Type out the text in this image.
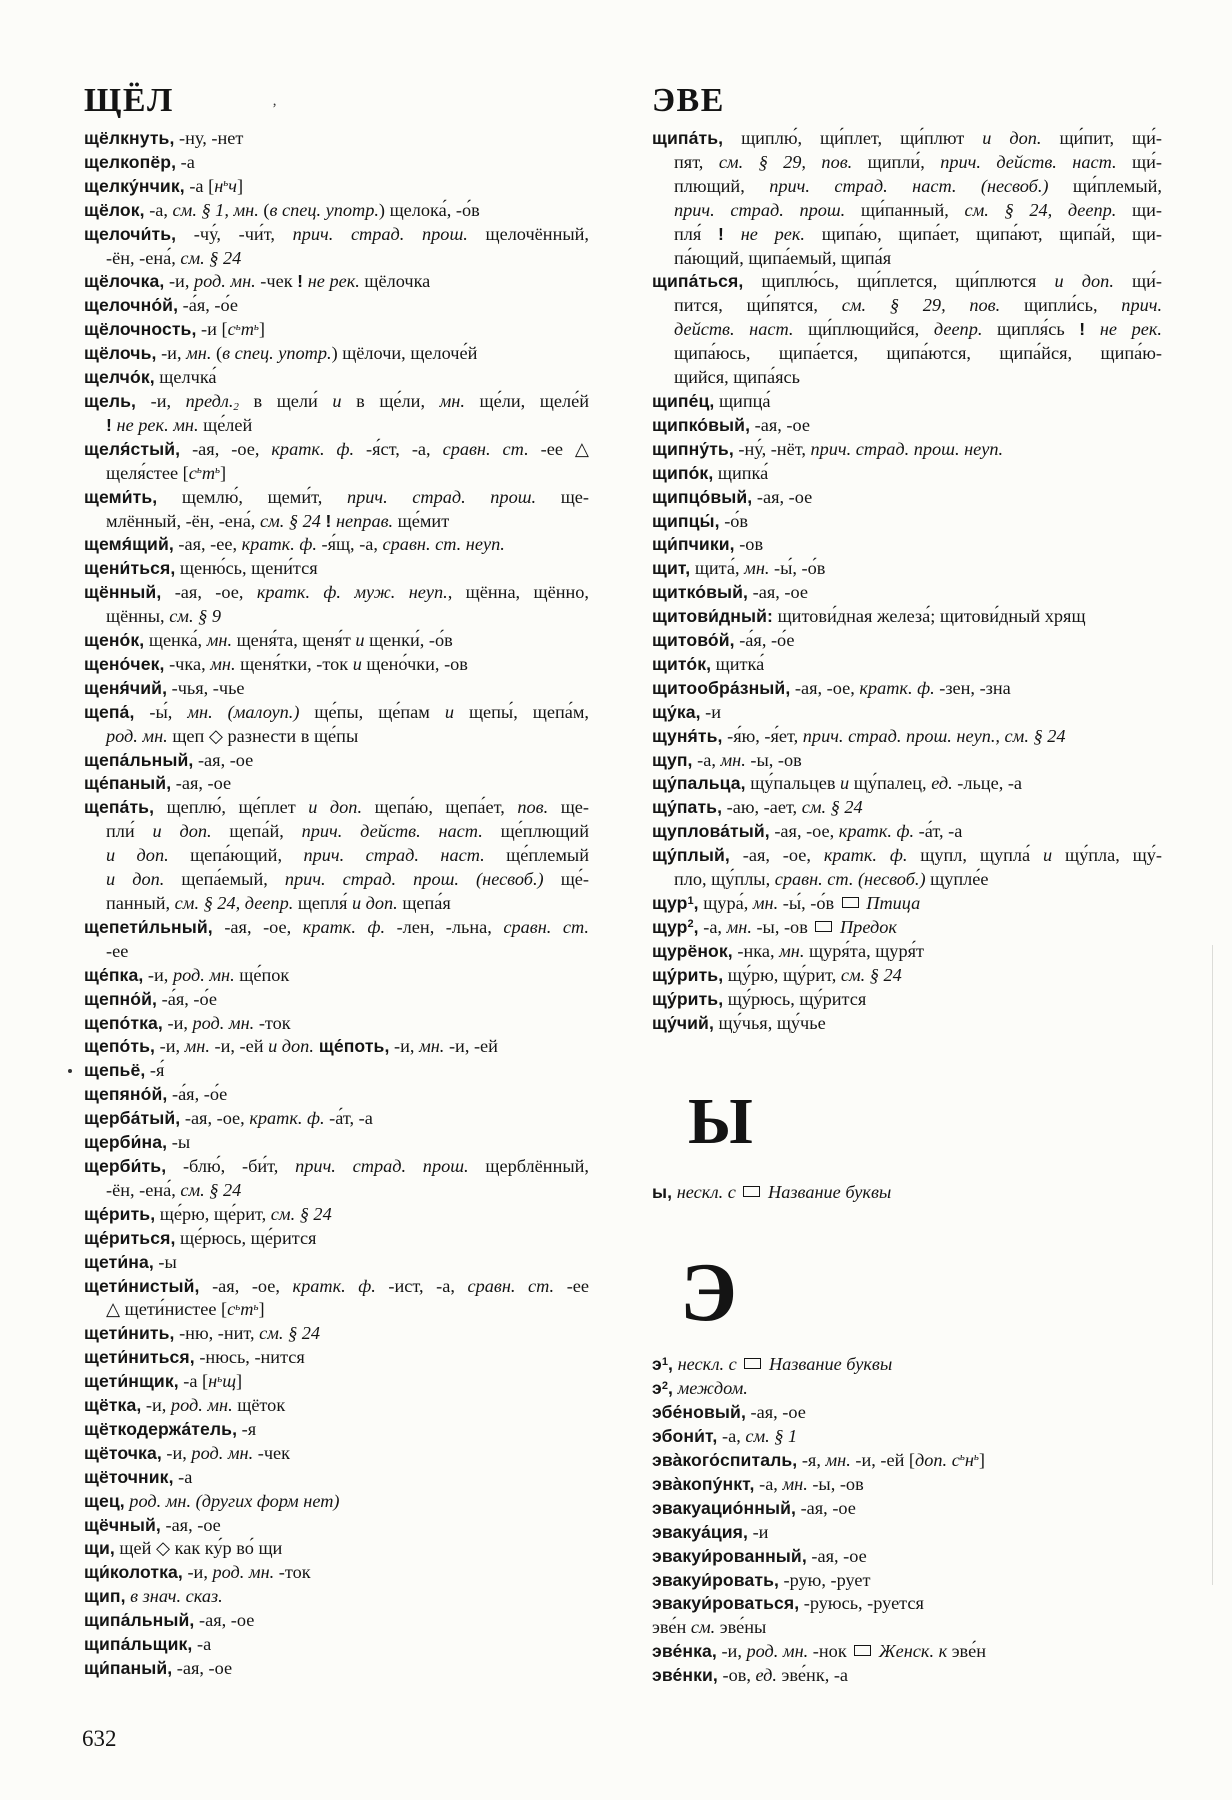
ЩЁЛ	ЭВЕ
’
щёлкнуть, -ну, -нет
щелкопёр, -а
щелку́нчик, -а $[н^ьч]$
щёлок, -а, см. § 1, мн. (в спец. употр.) щелока́, -о́в
щелочи́ть, -чу́, -чи́т, прич. страд. прош. щелочённый,
-ён, -ена́, см. § 24
щёлочка, -и, род. мн. -чек ! не рек. щёлочка
щелочно́й, -а́я, -о́е
щёлочность, -и $[с^ьт^ь]$
щёлочь, -и, мн. (в спец. употр.) щёлочи, щелоче́й
щелчо́к, щелчка́
щель, -и, предл.2 в щели́ и в ще́ли, мн. ще́ли, щеле́й
! не рек. мн. ще́лей
щеля́стый, -ая, -ое, кратк. ф. -я́ст, -а, сравн. ст. -ее △
щеля́стее $[с^ьт^ь]$
щеми́ть, щемлю́, щеми́т, прич. страд. прош. ще-
млённый, -ён, -ена́, см. § 24 ! неправ. ще́мит
щемя́щий, -ая, -ее, кратк. ф. -я́щ, -а, сравн. ст. неуп.
щени́ться, щеню́сь, щени́тся
щённый, -ая, -ое, кратк. ф. муж. неуп., щённа, щённо,
щённы, см. § 9
щено́к, щенка́, мн. щеня́та, щеня́т и щенки́, -о́в
щено́чек, -чка, мн. щеня́тки, -ток и щено́чки, -ов
щеня́чий, -чья, -чье
щепа́, -ы́, мн. (малоуп.) ще́пы, ще́пам и щепы́, щепа́м,
род. мн. щеп ◇ разнести в ще́пы
щепа́льный, -ая, -ое
ще́паный, -ая, -ое
щепа́ть, щеплю́, ще́плет и доп. щепа́ю, щепа́ет, пов. ще-
пли́ и доп. щепа́й, прич. действ. наст. ще́плющий
и доп. щепа́ющий, прич. страд. наст. ще́племый
и доп. щепа́емый, прич. страд. прош. (несвоб.) ще́-
панный, см. § 24, деепр. щепля́ и доп. щепа́я
щепети́льный, -ая, -ое, кратк. ф. -лен, -льна, сравн. ст.
-ее
ще́пка, -и, род. мн. ще́пок
щепно́й, -а́я, -о́е
щепо́тка, -и, род. мн. -ток
щепо́ть, -и, мн. -и, -ей и доп. ще́поть, -и, мн. -и, -ей
щепьё, -я́
щепяно́й, -а́я, -о́е
щерба́тый, -ая, -ое, кратк. ф. -а́т, -а
щерби́на, -ы
щерби́ть, -блю́, -би́т, прич. страд. прош. щерблённый,
-ён, -ена́, см. § 24
ще́рить, ще́рю, ще́рит, см. § 24
ще́риться, ще́рюсь, ще́рится
щети́на, -ы
щети́нистый, -ая, -ое, кратк. ф. -ист, -а, сравн. ст. -ее
△ щети́нистее $[с^ьт^ь]$
щети́нить, -ню, -нит, см. § 24
щети́ниться, -нюсь, -нится
щети́нщик, -а $[н^ьщ]$
щётка, -и, род. мн. щёток
щёткодержа́тель, -я
щёточка, -и, род. мн. -чек
щёточник, -а
щец, род. мн. (других форм нет)
щёчный, -ая, -ое
щи, щей ◇ как ку́р во́ щи
щи́колотка, -и, род. мн. -ток
щип, в знач. сказ.
щипа́льный, -ая, -ое
щипа́льщик, -а
щи́паный, -ая, -ое
щипа́ть, щиплю́, щи́плет, щи́плют и доп. щи́пит, щи́-
пят, см. § 29, пов. щипли́, прич. действ. наст. щи́-
плющий, прич. страд. наст. (несвоб.) щи́племый,
прич. страд. прош. щи́панный, см. § 24, деепр. щи-
пля́ ! не рек. щипа́ю, щипа́ет, щипа́ют, щипа́й, щи-
па́ющий, щипа́емый, щипа́я
щипа́ться, щиплю́сь, щи́плется, щи́плются и доп. щи́-
пится, щи́пятся, см. § 29, пов. щипли́сь, прич.
действ. наст. щи́плющийся, деепр. щипля́сь ! не рек.
щипа́юсь, щипа́ется, щипа́ются, щипа́йся, щипа́ю-
щийся, щипа́ясь
щипе́ц, щипца́
щипко́вый, -ая, -ое
щипну́ть, -ну́, -нёт, прич. страд. прош. неуп.
щипо́к, щипка́
щипцо́вый, -ая, -ое
щипцы́, -о́в
щи́пчики, -ов
щит, щита́, мн. -ы́, -о́в
щитко́вый, -ая, -ое
щитови́дный: щитови́дная железа́; щитови́дный хрящ
щитово́й, -а́я, -о́е
щито́к, щитка́
щитообра́зный, -ая, -ое, кратк. ф. -зен, -зна
щу́ка, -и
щуня́ть, -я́ю, -я́ет, прич. страд. прош. неуп., см. § 24
щуп, -а, мн. -ы, -ов
щу́пальца, щу́пальцев и щу́палец, ед. -льце, -а
щу́пать, -аю, -ает, см. § 24
щуплова́тый, -ая, -ое, кратк. ф. -а́т, -а
щу́плый, -ая, -ое, кратк. ф. щупл, щупла́ и щу́пла, щу́-
пло, щу́плы, сравн. ст. (несвоб.) щупле́е
щур$^1$, щура́, мн. -ы́, -о́в  Птица
щур$^2$, -а, мн. -ы, -ов  Предок
щурёнок, -нка, мн. щуря́та, щуря́т
щу́рить, щу́рю, щу́рит, см. § 24
щу́рить, щу́рюсь, щу́рится
щу́чий, щу́чья, щу́чье
Ы
ы, нескл. с  Название буквы
Э
$э^1$, нескл. с  Название буквы
$э^2$, междом.
эбе́новый, -ая, -ое
эбони́т, -а, см. § 1
эва̀кого́спиталь, -я, мн. -и, -ей [доп. $с^ьн^ь$]
эва̀копу́нкт, -а, мн. -ы, -ов
эвакуацио́нный, -ая, -ое
эвакуа́ция, -и
эвакуи́рованный, -ая, -ое
эвакуи́ровать, -рую, -рует
эвакуи́роваться, -руюсь, -руется
эве́н см. эве́ны
эве́нка, -и, род. мн. -нок  Женск. к эве́н
эве́нки, -ов, ед. эве́нк, -а
632
